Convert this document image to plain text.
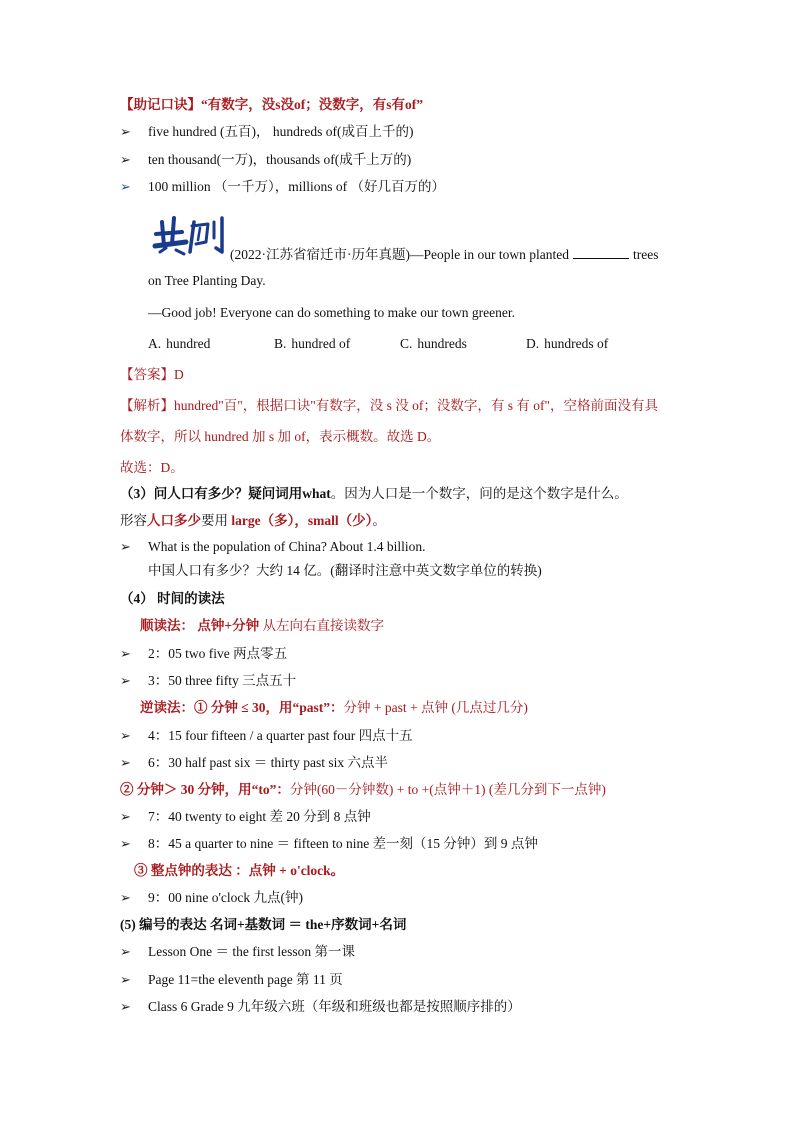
【助记口诀】“有数字，没s没of；没数字，有s有of”
➢ five hundred (五百)， hundreds of(成百上千的)
➢ ten thousand(一万)，thousands of(成千上万的)
➢ 100 million （一千万），millions of （好几百万的）
(2022·江苏省宿迁市·历年真题)—People in our town planted	trees
on Tree Planting Day.
—Good job! Everyone can do something to make our town greener.
A. hundred	B. hundred of	C. hundreds	D. hundreds of
【答案】D
【解析】hundred"百"，根据口诀"有数字，没 s 没 of；没数字，有 s 有 of"，空格前面没有具
体数字，所以 hundred 加 s 加 of，表示概数。故选 D。
故选：D。
（3）问人口有多少？疑问词用what。因为人口是一个数字，问的是这个数字是什么。
形容人口多少要用 large（多），small（少）。
➢ What is the population of China? About 1.4 billion.
中国人口有多少？大约 14 亿。(翻译时注意中英文数字单位的转换)
（4） 时间的读法
顺读法： 点钟+分钟 从左向右直接读数字
➢ 2：05 two five 两点零五
➢ 3：50 three fifty 三点五十
逆读法：① 分钟 ≤ 30，用“past”：分钟 + past + 点钟 (几点过几分)
➢ 4：15 four fifteen / a quarter past four 四点十五
➢ 6：30 half past six ＝ thirty past six 六点半
② 分钟＞ 30 分钟，用“to”：分钟(60－分钟数) + to +(点钟＋1) (差几分到下一点钟)
➢ 7：40 twenty to eight 差 20 分到 8 点钟
➢ 8：45 a quarter to nine ＝ fifteen to nine 差一刻（15 分钟）到 9 点钟
③ 整点钟的表达 ：点钟 + o'clock。
➢ 9：00 nine o'clock 九点(钟)
(5) 编号的表达 名词+基数词 ＝ the+序数词+名词
➢ Lesson One ＝ the first lesson 第一课
➢ Page 11=the eleventh page 第 11 页
➢ Class 6 Grade 9 九年级六班（年级和班级也都是按照顺序排的）
